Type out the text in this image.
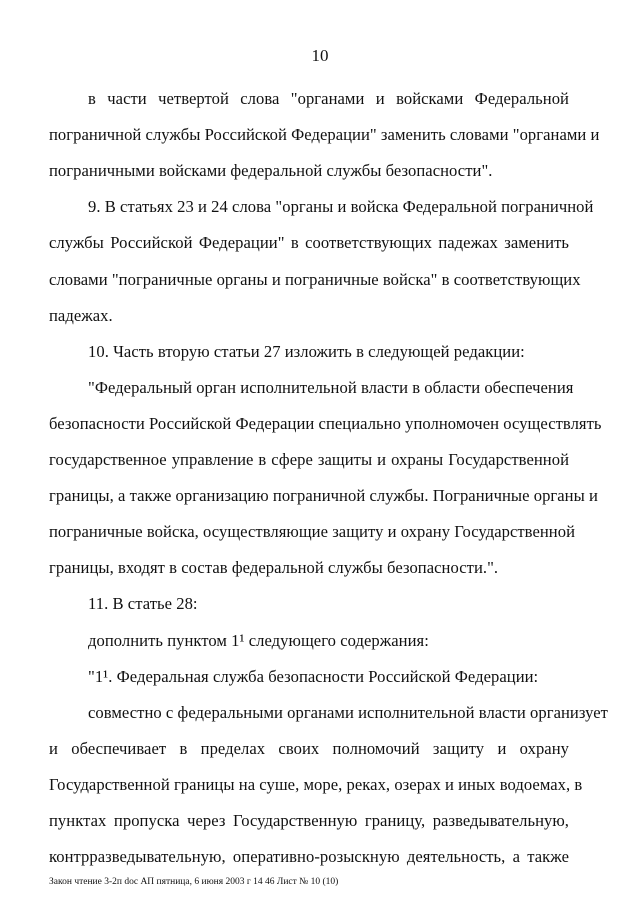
10
в части четвертой слова "органами и войсками Федеральной
пограничной службы Российской Федерации" заменить словами "органами и
пограничными войсками федеральной службы безопасности".
9. В статьях 23 и 24 слова "органы и войска Федеральной пограничной
службы Российской Федерации" в соответствующих падежах заменить
словами "пограничные органы и пограничные войска" в соответствующих
падежах.
10. Часть вторую статьи 27 изложить в следующей редакции:
"Федеральный орган исполнительной власти в области обеспечения
безопасности Российской Федерации специально уполномочен осуществлять
государственное управление в сфере защиты и охраны Государственной
границы, а также организацию пограничной службы. Пограничные органы и
пограничные войска, осуществляющие защиту и охрану Государственной
границы, входят в состав федеральной службы безопасности.".
11. В статье 28:
дополнить пунктом 1¹ следующего содержания:
"1¹. Федеральная служба безопасности Российской Федерации:
совместно с федеральными органами исполнительной власти организует
и обеспечивает в пределах своих полномочий защиту и охрану
Государственной границы на суше, море, реках, озерах и иных водоемах, в
пунктах пропуска через Государственную границу, разведывательную,
контрразведывательную, оперативно-розыскную деятельность, а также
Закон чтение 3-2п doc АП пятница, 6 июня 2003 г 14 46 Лист № 10 (10)
